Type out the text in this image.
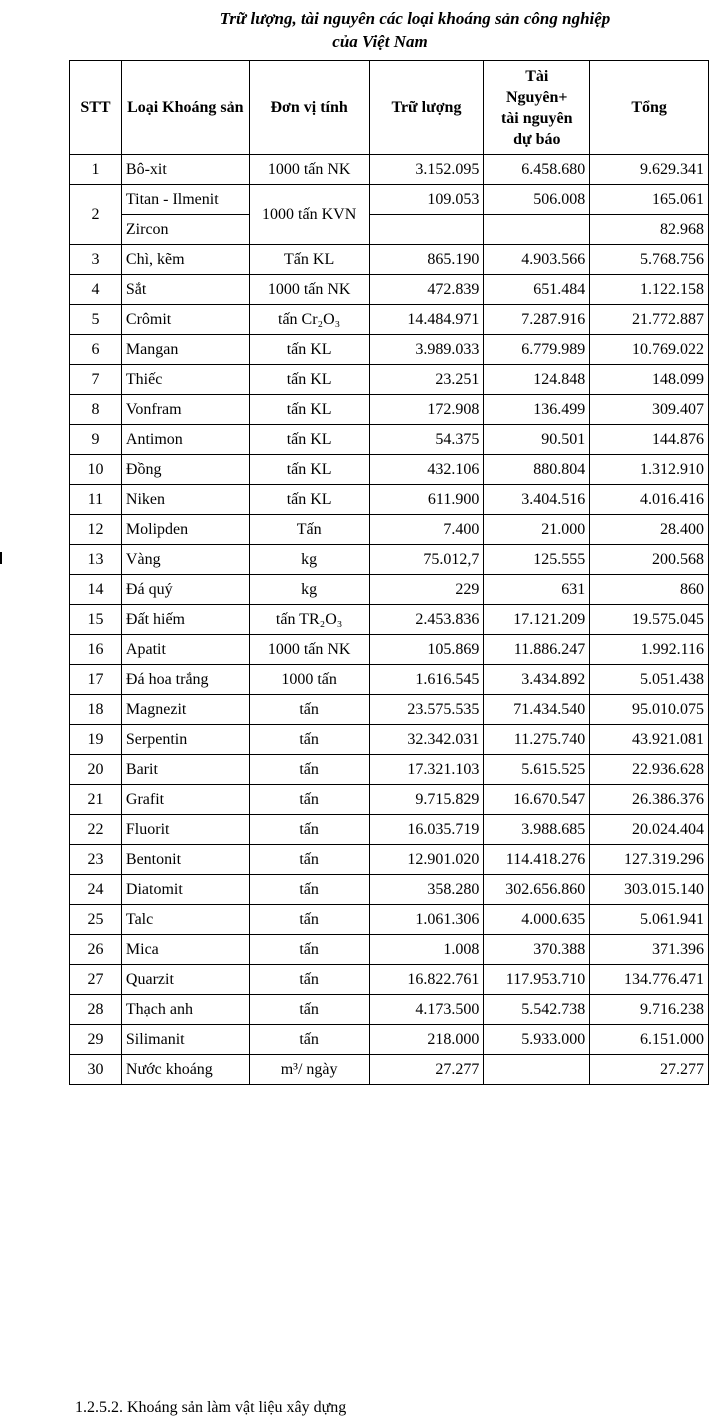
Trữ lượng, tài nguyên các loại khoáng sản công nghiệp
của Việt Nam
STT	Loại Khoáng sản	Đơn vị tính	Trữ lượng	Tài
Nguyên+
tài nguyên
dự báo	Tổng
1	Bô-xit	1000 tấn NK	3.152.095	6.458.680	9.629.341
2	Titan - Ilmenit	1000 tấn KVN	109.053	506.008	165.061
	Zircon				82.968
3	Chì, kẽm	Tấn KL	865.190	4.903.566	5.768.756
4	Sắt	1000 tấn NK	472.839	651.484	1.122.158
5	Crômit	tấn Cr₂O₃	14.484.971	7.287.916	21.772.887
6	Mangan	tấn KL	3.989.033	6.779.989	10.769.022
7	Thiếc	tấn KL	23.251	124.848	148.099
8	Vonfram	tấn KL	172.908	136.499	309.407
9	Antimon	tấn KL	54.375	90.501	144.876
10	Đồng	tấn KL	432.106	880.804	1.312.910
11	Niken	tấn KL	611.900	3.404.516	4.016.416
12	Molipden	Tấn	7.400	21.000	28.400
13	Vàng	kg	75.012,7	125.555	200.568
14	Đá quý	kg	229	631	860
15	Đất hiếm	tấn TR₂O₃	2.453.836	17.121.209	19.575.045
16	Apatit	1000 tấn NK	105.869	11.886.247	1.992.116
17	Đá hoa trắng	1000 tấn	1.616.545	3.434.892	5.051.438
18	Magnezit	tấn	23.575.535	71.434.540	95.010.075
19	Serpentin	tấn	32.342.031	11.275.740	43.921.081
20	Barit	tấn	17.321.103	5.615.525	22.936.628
21	Grafit	tấn	9.715.829	16.670.547	26.386.376
22	Fluorit	tấn	16.035.719	3.988.685	20.024.404
23	Bentonit	tấn	12.901.020	114.418.276	127.319.296
24	Diatomit	tấn	358.280	302.656.860	303.015.140
25	Talc	tấn	1.061.306	4.000.635	5.061.941
26	Mica	tấn	1.008	370.388	371.396
27	Quarzit	tấn	16.822.761	117.953.710	134.776.471
28	Thạch anh	tấn	4.173.500	5.542.738	9.716.238
29	Silimanit	tấn	218.000	5.933.000	6.151.000
30	Nước khoáng	m³/ ngày	27.277		27.277
1.2.5.2. Khoáng sản làm vật liệu xây dựng
